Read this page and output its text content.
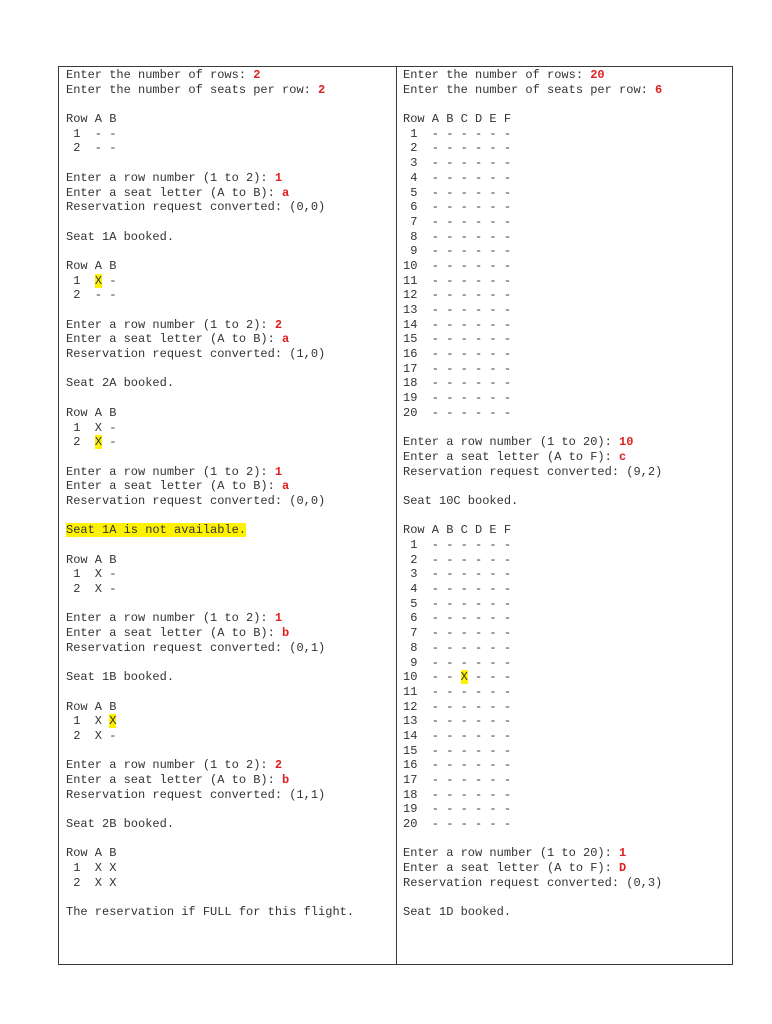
Enter the number of rows: 2
Enter the number of seats per row: 2
Row A B
1  - -
2  - -
Enter a row number (1 to 2): 1
Enter a seat letter (A to B): a
Reservation request converted: (0,0)
Seat 1A booked.
Row A B
1  X -
2  - -
Enter a row number (1 to 2): 2
Enter a seat letter (A to B): a
Reservation request converted: (1,0)
Seat 2A booked.
Row A B
1  X -
2  X -
Enter a row number (1 to 2): 1
Enter a seat letter (A to B): a
Reservation request converted: (0,0)
Seat 1A is not available.
Row A B
1  X -
2  X -
Enter a row number (1 to 2): 1
Enter a seat letter (A to B): b
Reservation request converted: (0,1)
Seat 1B booked.
Row A B
1  X X
2  X -
Enter a row number (1 to 2): 2
Enter a seat letter (A to B): b
Reservation request converted: (1,1)
Seat 2B booked.
Row A B
1  X X
2  X X
The reservation if FULL for this flight.
Enter the number of rows: 20
Enter the number of seats per row: 6
Row A B C D E F
1  - - - - - -
2  - - - - - -
3  - - - - - -
4  - - - - - -
5  - - - - - -
6  - - - - - -
7  - - - - - -
8  - - - - - -
9  - - - - - -
10  - - - - - -
11  - - - - - -
12  - - - - - -
13  - - - - - -
14  - - - - - -
15  - - - - - -
16  - - - - - -
17  - - - - - -
18  - - - - - -
19  - - - - - -
20  - - - - - -
Enter a row number (1 to 20): 10
Enter a seat letter (A to F): c
Reservation request converted: (9,2)
Seat 10C booked.
Row A B C D E F
1  - - - - - -
2  - - - - - -
3  - - - - - -
4  - - - - - -
5  - - - - - -
6  - - - - - -
7  - - - - - -
8  - - - - - -
9  - - - - - -
10  - - X - - -
11  - - - - - -
12  - - - - - -
13  - - - - - -
14  - - - - - -
15  - - - - - -
16  - - - - - -
17  - - - - - -
18  - - - - - -
19  - - - - - -
20  - - - - - -
Enter a row number (1 to 20): 1
Enter a seat letter (A to F): D
Reservation request converted: (0,3)
Seat 1D booked.
